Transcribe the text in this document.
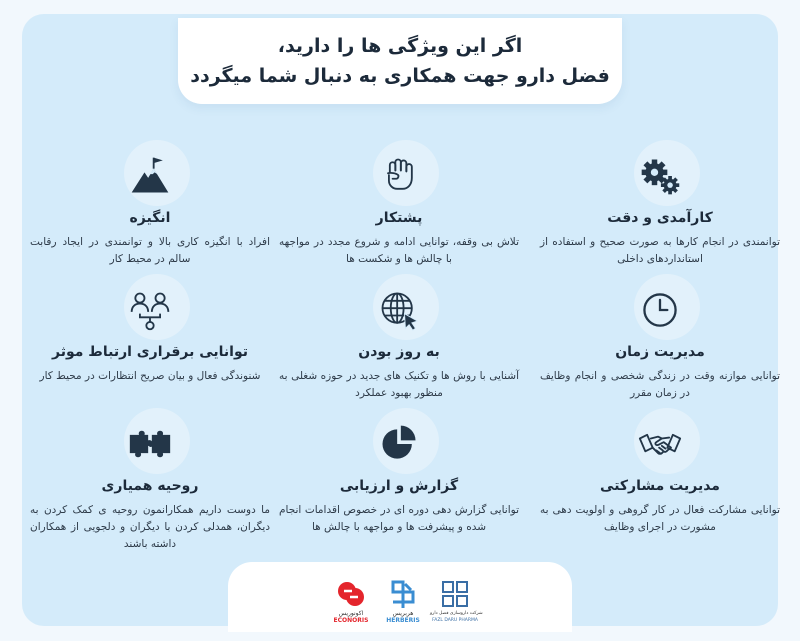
اگر این ویژگی ها را دارید،
فضل دارو جهت همکاری به دنبال شما میگردد
کارآمدی و دقت
توانمندی در انجام کارها به صورت صحیح و استفاده از استانداردهای داخلی
پشتکار
تلاش بی وقفه، توانایی ادامه و شروع مجدد در مواجهه با چالش ها و شکست ها
انگیزه
افراد با انگیزه کاری بالا و توانمندی در ایجاد رقابت سالم در محیط کار
مدیریت زمان
توانایی موازنه وقت در زندگی شخصی و انجام وظایف در زمان مقرر
به روز بودن
آشنایی با روش ها و تکنیک های جدید در حوزه شغلی به منظور بهبود عملکرد
توانایی برقراری ارتباط موثر
شنوندگی فعال و بیان صریح انتظارات در محیط کار
مدیریت مشارکتی
توانایی مشارکت فعال در کار گروهی و اولویت دهی به مشورت در اجرای وظایف
گزارش و ارزیابی
توانایی گزارش دهی دوره ای در خصوص اقدامات انجام شده و پیشرفت ها و مواجهه با چالش ها
روحیه همیاری
ما دوست داریم همکارانمون روحیه ی کمک کردن به دیگران، همدلی کردن با دیگران و دلجویی از همکاران داشته باشند
اکونوریس
ECONORIS
هربریس
HERBERIS
شرکت داروسازی فضل دارو
FAZL DARU PHARMA
